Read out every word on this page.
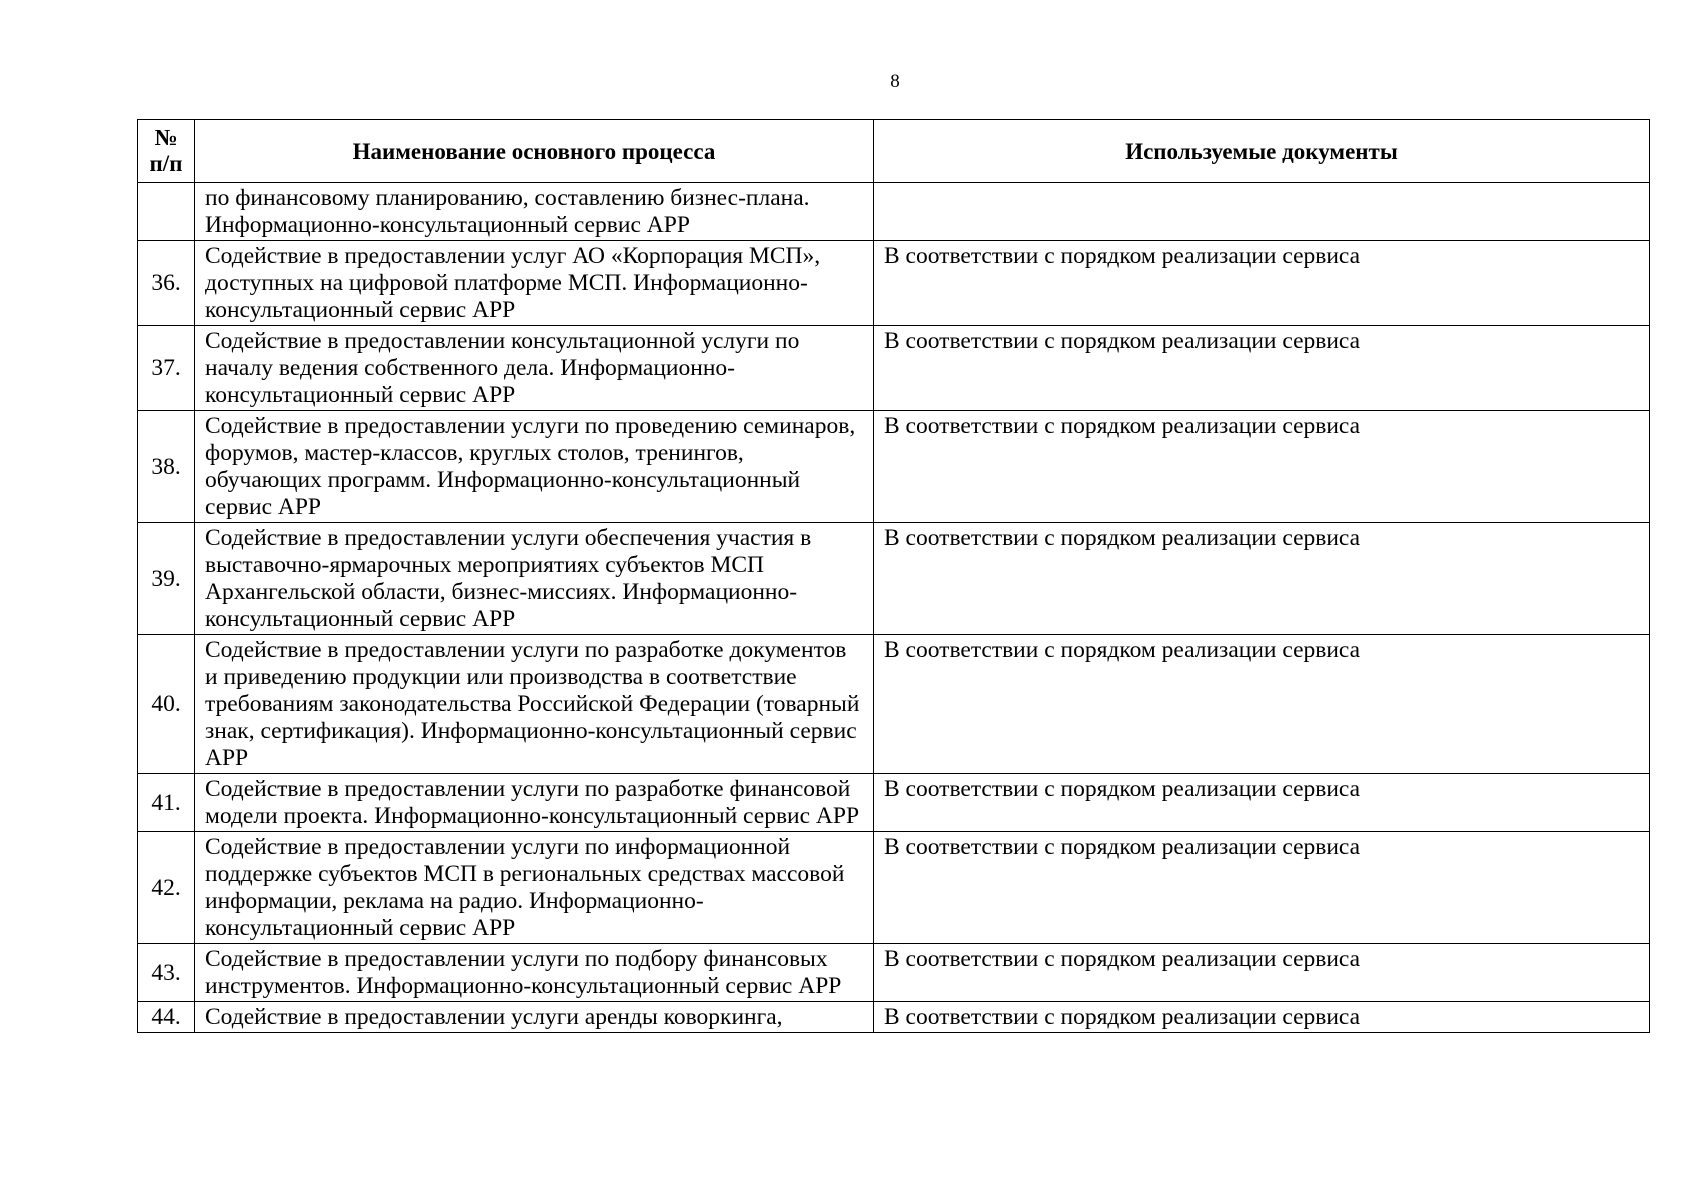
8
№ п/п	Наименование основного процесса	Используемые документы
	по финансовому планированию, составлению бизнес-плана. Информационно-консультационный сервис АРР	
36.	Содействие в предоставлении услуг АО «Корпорация МСП», доступных на цифровой платформе МСП. Информационно-консультационный сервис АРР	В соответствии с порядком реализации сервиса
37.	Содействие в предоставлении консультационной услуги по началу ведения собственного дела. Информационно-консультационный сервис АРР	В соответствии с порядком реализации сервиса
38.	Содействие в предоставлении услуги по проведению семинаров, форумов, мастер-классов, круглых столов, тренингов, обучающих программ. Информационно-консультационный сервис АРР	В соответствии с порядком реализации сервиса
39.	Содействие в предоставлении услуги обеспечения участия в выставочно-ярмарочных мероприятиях субъектов МСП Архангельской области, бизнес-миссиях. Информационно-консультационный сервис АРР	В соответствии с порядком реализации сервиса
40.	Содействие в предоставлении услуги по разработке документов и приведению продукции или производства в соответствие требованиям законодательства Российской Федерации (товарный знак, сертификация). Информационно-консультационный сервис АРР	В соответствии с порядком реализации сервиса
41.	Содействие в предоставлении услуги по разработке финансовой модели проекта. Информационно-консультационный сервис АРР	В соответствии с порядком реализации сервиса
42.	Содействие в предоставлении услуги по информационной поддержке субъектов МСП в региональных средствах массовой информации, реклама на радио. Информационно-консультационный сервис АРР	В соответствии с порядком реализации сервиса
43.	Содействие в предоставлении услуги по подбору финансовых инструментов. Информационно-консультационный сервис АРР	В соответствии с порядком реализации сервиса
44.	Содействие в предоставлении услуги аренды коворкинга,	В соответствии с порядком реализации сервиса
